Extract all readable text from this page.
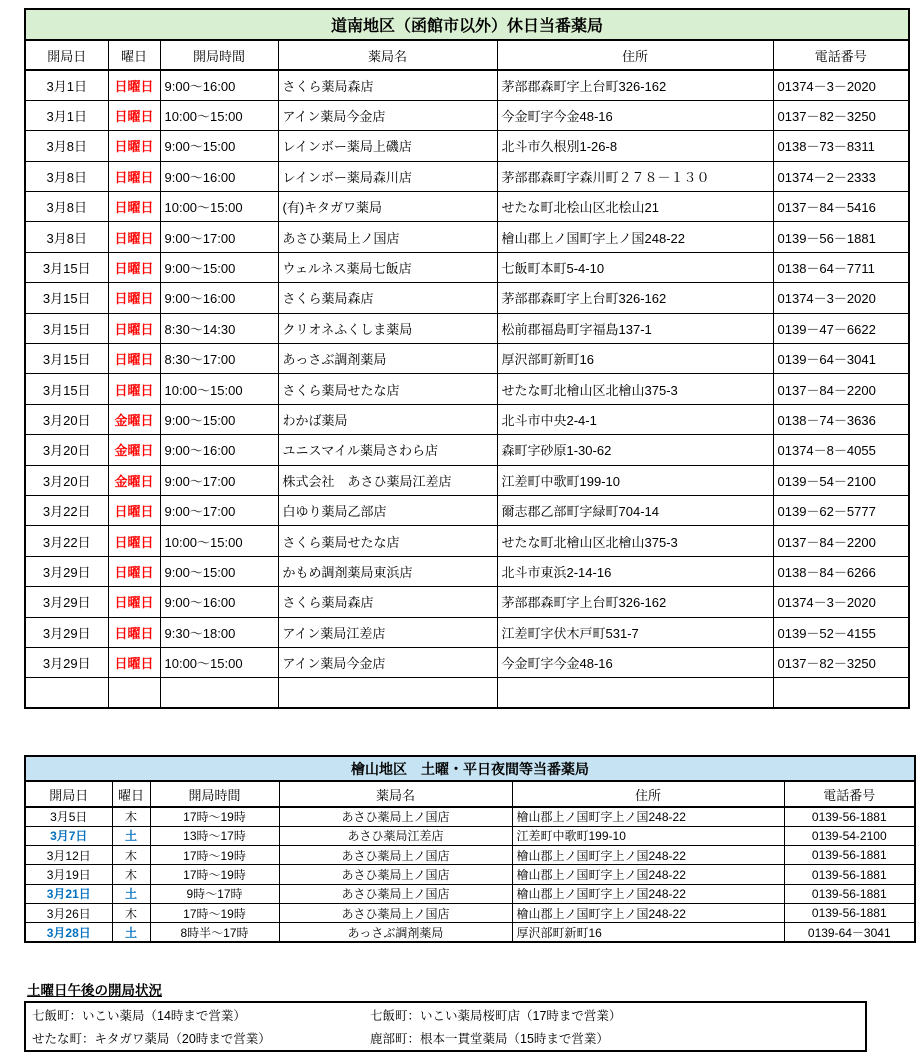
道南地区（函館市以外）休日当番薬局					
開局日	曜日	開局時間	薬局名	住所	電話番号
3月1日	日曜日	9:00～16:00	さくら薬局森店	茅部郡森町字上台町326-162	01374－3－2020
3月1日	日曜日	10:00～15:00	アイン薬局今金店	今金町字今金48-16	0137－82－3250
3月8日	日曜日	9:00～15:00	レインボー薬局上磯店	北斗市久根別1-26-8	0138－73－8311
3月8日	日曜日	9:00～16:00	レインボー薬局森川店	茅部郡森町字森川町２７８－１３０	01374－2－2333
3月8日	日曜日	10:00～15:00	(有)キタガワ薬局	せたな町北桧山区北桧山21	0137－84－5416
3月8日	日曜日	9:00～17:00	あさひ薬局上ノ国店	檜山郡上ノ国町字上ノ国248-22	0139－56－1881
3月15日	日曜日	9:00～15:00	ウェルネス薬局七飯店	七飯町本町5-4-10	0138－64－7711
3月15日	日曜日	9:00～16:00	さくら薬局森店	茅部郡森町字上台町326-162	01374－3－2020
3月15日	日曜日	8:30～14:30	クリオネふくしま薬局	松前郡福島町字福島137-1	0139－47－6622
3月15日	日曜日	8:30～17:00	あっさぶ調剤薬局	厚沢部町新町16	0139－64－3041
3月15日	日曜日	10:00～15:00	さくら薬局せたな店	せたな町北檜山区北檜山375-3	0137－84－2200
3月20日	金曜日	9:00～15:00	わかば薬局	北斗市中央2-4-1	0138－74－3636
3月20日	金曜日	9:00～16:00	ユニスマイル薬局さわら店	森町字砂原1-30-62	01374－8－4055
3月20日	金曜日	9:00～17:00	株式会社　あさひ薬局江差店	江差町中歌町199-10	0139－54－2100
3月22日	日曜日	9:00～17:00	白ゆり薬局乙部店	爾志郡乙部町字緑町704-14	0139－62－5777
3月22日	日曜日	10:00～15:00	さくら薬局せたな店	せたな町北檜山区北檜山375-3	0137－84－2200
3月29日	日曜日	9:00～15:00	かもめ調剤薬局東浜店	北斗市東浜2-14-16	0138－84－6266
3月29日	日曜日	9:00～16:00	さくら薬局森店	茅部郡森町字上台町326-162	01374－3－2020
3月29日	日曜日	9:30～18:00	アイン薬局江差店	江差町字伏木戸町531-7	0139－52－4155
3月29日	日曜日	10:00～15:00	アイン薬局今金店	今金町字今金48-16	0137－82－3250

檜山地区　土曜・平日夜間等当番薬局					
開局日	曜日	開局時間	薬局名	住所	電話番号
3月5日	木	17時～19時	あさひ薬局上ノ国店	檜山郡上ノ国町字上ノ国248-22	0139-56-1881
3月7日	土	13時～17時	あさひ薬局江差店	江差町中歌町199-10	0139-54-2100
3月12日	木	17時～19時	あさひ薬局上ノ国店	檜山郡上ノ国町字上ノ国248-22	0139-56-1881
3月19日	木	17時～19時	あさひ薬局上ノ国店	檜山郡上ノ国町字上ノ国248-22	0139-56-1881
3月21日	土	9時～17時	あさひ薬局上ノ国店	檜山郡上ノ国町字上ノ国248-22	0139-56-1881
3月26日	木	17時～19時	あさひ薬局上ノ国店	檜山郡上ノ国町字上ノ国248-22	0139-56-1881
3月28日	土	8時半～17時	あっさぶ調剤薬局	厚沢部町新町16	0139-64－3041
土曜日午後の開局状況
七飯町：いこい薬局（14時まで営業）	七飯町：いこい薬局桜町店（17時まで営業）
せたな町：キタガワ薬局（20時まで営業）	鹿部町：根本一貫堂薬局（15時まで営業）
